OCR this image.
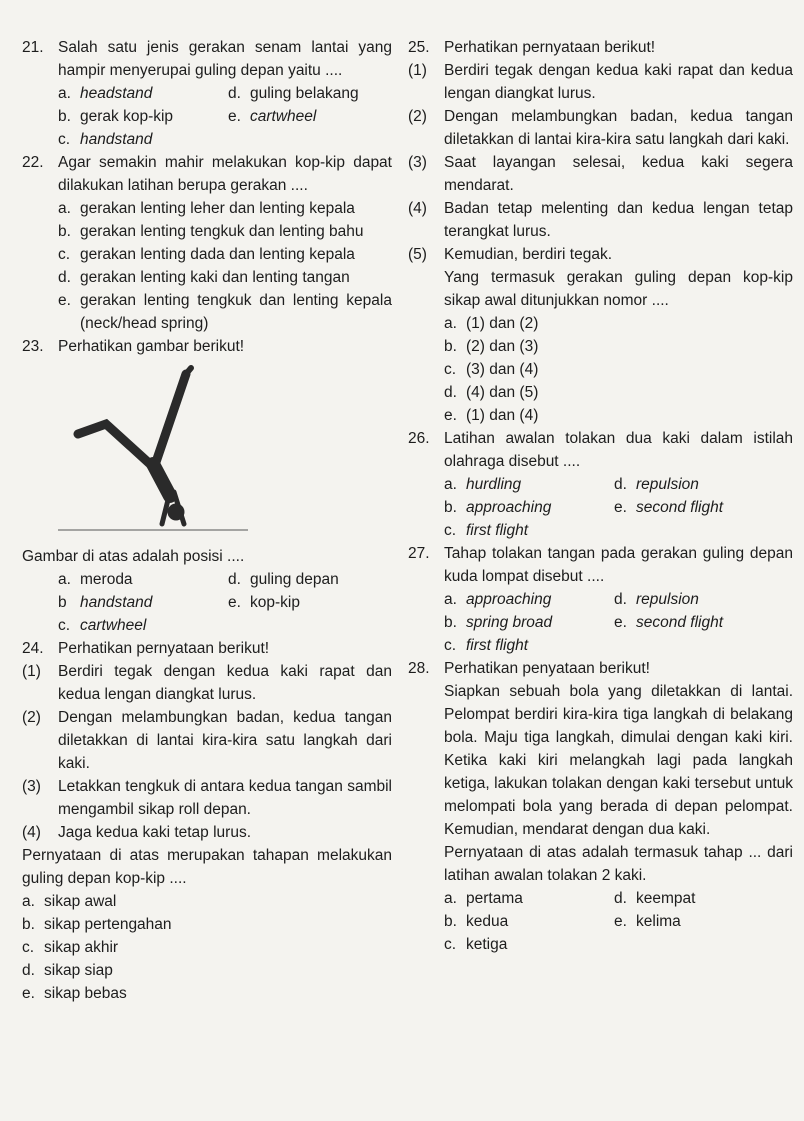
21. Salah satu jenis gerakan senam lantai yang hampir menyerupai guling depan yaitu ....
a. headstand	d. guling belakang
b. gerak kop-kip	e. cartwheel
c. handstand
22. Agar semakin mahir melakukan kop-kip dapat dilakukan latihan berupa gerakan ....
a. gerakan lenting leher dan lenting kepala
b. gerakan lenting tengkuk dan lenting bahu
c. gerakan lenting dada dan lenting kepala
d. gerakan lenting kaki dan lenting tangan
e. gerakan lenting tengkuk dan lenting kepala (neck/head spring)
23. Perhatikan gambar berikut!
Gambar di atas adalah posisi ....
a. meroda	d. guling depan
b handstand	e. kop-kip
c. cartwheel
24. Perhatikan pernyataan berikut!
(1)	Berdiri tegak dengan kedua kaki rapat dan kedua lengan diangkat lurus.
(2)	Dengan melambungkan badan, kedua tangan diletakkan di lantai kira-kira satu langkah dari kaki.
(3)	Letakkan tengkuk di antara kedua tangan sambil mengambil sikap roll depan.
(4)	Jaga kedua kaki tetap lurus.
Pernyataan di atas merupakan tahapan melakukan guling depan kop-kip ....
a. sikap awal
b. sikap pertengahan
c. sikap akhir
d. sikap siap
e. sikap bebas
25. Perhatikan pernyataan berikut!
(1)	Berdiri tegak dengan kedua kaki rapat dan kedua lengan diangkat lurus.
(2)	Dengan melambungkan badan, kedua tangan diletakkan di lantai kira-kira satu langkah dari kaki.
(3)	Saat layangan selesai, kedua kaki segera mendarat.
(4)	Badan tetap melenting dan kedua lengan tetap terangkat lurus.
(5)	Kemudian, berdiri tegak.
Yang termasuk gerakan guling depan kop-kip sikap awal ditunjukkan nomor ....
a. (1) dan (2)
b. (2) dan (3)
c. (3) dan (4)
d. (4) dan (5)
e. (1) dan (4)
26. Latihan awalan tolakan dua kaki dalam istilah olahraga disebut ....
a. hurdling	d. repulsion
b. approaching	e. second flight
c. first flight
27. Tahap tolakan tangan pada gerakan guling depan kuda lompat disebut ....
a. approaching	d. repulsion
b. spring broad	e. second flight
c. first flight
28. Perhatikan penyataan berikut!
Siapkan sebuah bola yang diletakkan di lantai. Pelompat berdiri kira-kira tiga langkah di belakang bola. Maju tiga langkah, dimulai dengan kaki kiri. Ketika kaki kiri melangkah lagi pada langkah ketiga, lakukan tolakan dengan kaki tersebut untuk melompati bola yang berada di depan pelompat. Kemudian, mendarat dengan dua kaki.
Pernyataan di atas adalah termasuk tahap ... dari latihan awalan tolakan 2 kaki.
a. pertama	d. keempat
b. kedua	e. kelima
c. ketiga
